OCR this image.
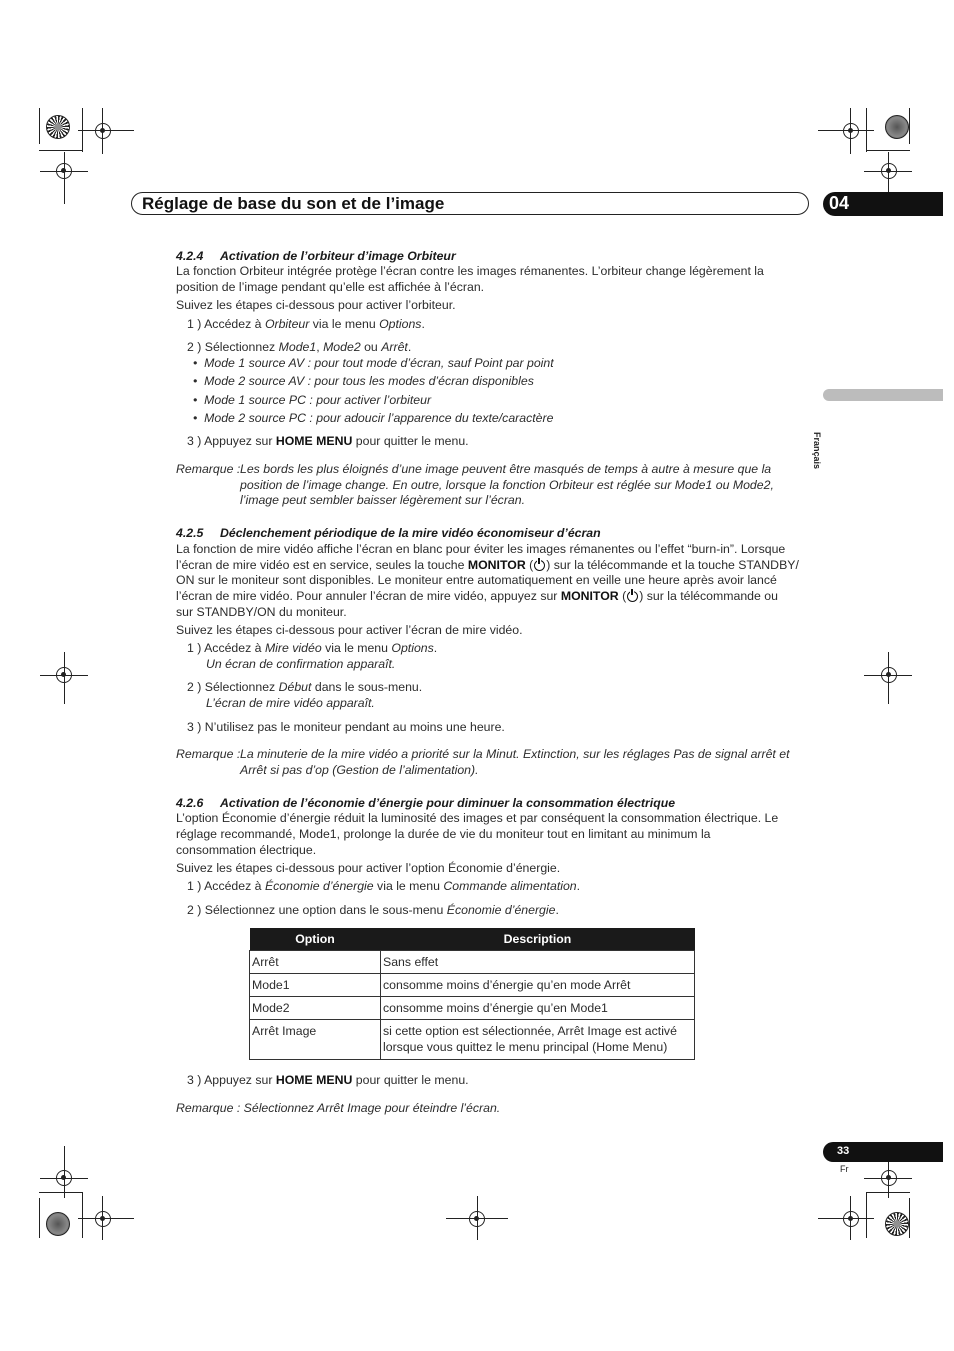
Réglage de base du son et de l’image	04
Français
4.2.4 Activation de l’orbiteur d’image Orbiteur
La fonction Orbiteur intégrée protège l’écran contre les images rémanentes. L’orbiteur change légèrement la
position de l’image pendant qu’elle est affichée à l’écran.
Suivez les étapes ci-dessous pour activer l’orbiteur.
1 ) Accédez à Orbiteur via le menu Options.
2 ) Sélectionnez Mode1, Mode2 ou Arrêt.
•  Mode 1 source AV : pour tout mode d’écran, sauf Point par point
•  Mode 2 source AV : pour tous les modes d’écran disponibles
•  Mode 1 source PC : pour activer l’orbiteur
•  Mode 2 source PC : pour adoucir l’apparence du texte/caractère
3 ) Appuyez sur HOME MENU pour quitter le menu.
Remarque : Les bords les plus éloignés d’une image peuvent être masqués de temps à autre à mesure que la
position de l’image change. En outre, lorsque la fonction Orbiteur est réglée sur Mode1 ou Mode2,
l’image peut sembler baisser légèrement sur l’écran.
4.2.5 Déclenchement périodique de la mire vidéo économiseur d’écran
La fonction de mire vidéo affiche l’écran en blanc pour éviter les images rémanentes ou l’effet “burn-in”. Lorsque
l’écran de mire vidéo est en service, seules la touche MONITOR ( ) sur la télécommande et la touche STANDBY/
ON sur le moniteur sont disponibles. Le moniteur entre automatiquement en veille une heure après avoir lancé
l’écran de mire vidéo. Pour annuler l’écran de mire vidéo, appuyez sur MONITOR ( ) sur la télécommande ou
sur STANDBY/ON du moniteur.
Suivez les étapes ci-dessous pour activer l’écran de mire vidéo.
1 ) Accédez à Mire vidéo via le menu Options.
Un écran de confirmation apparaît.
2 ) Sélectionnez Début dans le sous-menu.
L’écran de mire vidéo apparaît.
3 ) N’utilisez pas le moniteur pendant au moins une heure.
Remarque : La minuterie de la mire vidéo a priorité sur la Minut. Extinction, sur les réglages Pas de signal arrêt et
Arrêt si pas d’op (Gestion de l’alimentation).
4.2.6 Activation de l’économie d’énergie pour diminuer la consommation électrique
L’option Économie d’énergie réduit la luminosité des images et par conséquent la consommation électrique. Le
réglage recommandé, Mode1, prolonge la durée de vie du moniteur tout en limitant au minimum la
consommation électrique.
Suivez les étapes ci-dessous pour activer l’option Économie d’énergie.
1 ) Accédez à Économie d’énergie via le menu Commande alimentation.
2 ) Sélectionnez une option dans le sous-menu Économie d’énergie.
Option	Description
Arrêt	Sans effet
Mode1	consomme moins d’énergie qu’en mode Arrêt
Mode2	consomme moins d’énergie qu’en Mode1
Arrêt Image	si cette option est sélectionnée, Arrêt Image est activé
lorsque vous quittez le menu principal (Home Menu)
3 ) Appuyez sur HOME MENU pour quitter le menu.
Remarque : Sélectionnez Arrêt Image pour éteindre l’écran.
33
Fr
